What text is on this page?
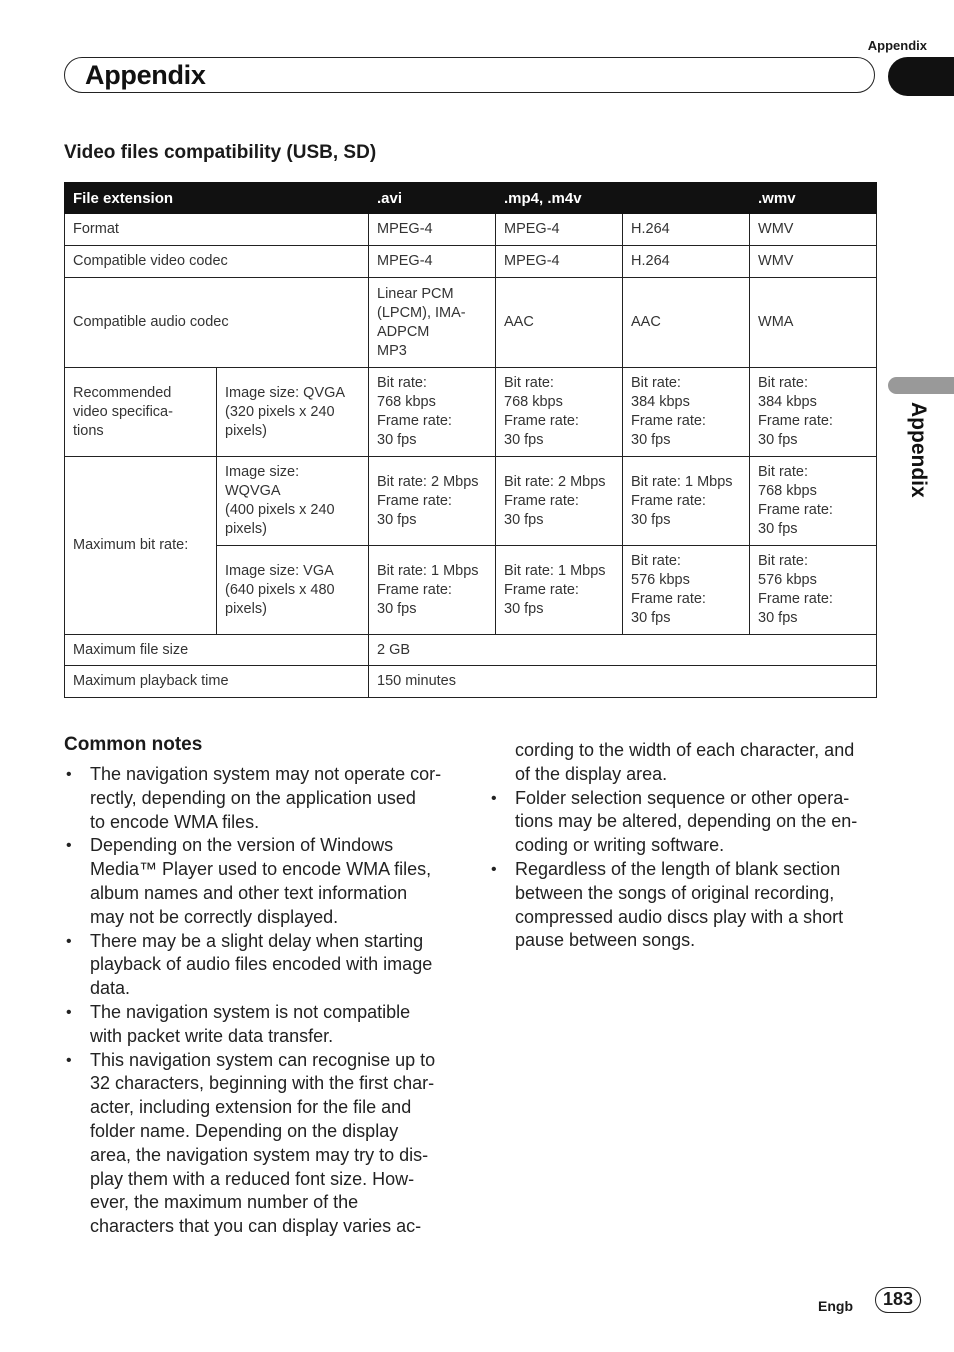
Appendix
Appendix
Appendix
Video files compatibility (USB, SD)
File extension		.avi	.mp4, .m4v		.wmv
Format		MPEG-4	MPEG-4	H.264	WMV
Compatible video codec		MPEG-4	MPEG-4	H.264	WMV
Compatible audio codec		Linear PCM
(LPCM), IMA-
ADPCM
MP3	AAC	AAC	WMA

Recommended
video specifica-
tions	Image size: QVGA
(320 pixels x 240
pixels)	Bit rate:
768 kbps
Frame rate:
30 fps	Bit rate:
768 kbps
Frame rate:
30 fps	Bit rate:
384 kbps
Frame rate:
30 fps	Bit rate:
384 kbps
Frame rate:
30 fps

Maximum bit rate:	Image size:
WQVGA
(400 pixels x 240
pixels)	Bit rate: 2 Mbps
Frame rate:
30 fps	Bit rate: 2 Mbps
Frame rate:
30 fps	Bit rate: 1 Mbps
Frame rate:
30 fps	Bit rate:
768 kbps
Frame rate:
30 fps

	Image size: VGA
(640 pixels x 480
pixels)	Bit rate: 1 Mbps
Frame rate:
30 fps	Bit rate: 1 Mbps
Frame rate:
30 fps	Bit rate:
576 kbps
Frame rate:
30 fps	Bit rate:
576 kbps
Frame rate:
30 fps

Maximum file size		2 GB			
Maximum playback time		150 minutes			
Common notes
• The navigation system may not operate cor-
rectly, depending on the application used
to encode WMA files.
• Depending on the version of Windows
Media™ Player used to encode WMA files,
album names and other text information
may not be correctly displayed.
• There may be a slight delay when starting
playback of audio files encoded with image
data.
• The navigation system is not compatible
with packet write data transfer.
• This navigation system can recognise up to
32 characters, beginning with the first char-
acter, including extension for the file and
folder name. Depending on the display
area, the navigation system may try to dis-
play them with a reduced font size. How-
ever, the maximum number of the
characters that you can display varies ac-
cording to the width of each character, and
of the display area.
• Folder selection sequence or other opera-
tions may be altered, depending on the en-
coding or writing software.
• Regardless of the length of blank section
between the songs of original recording,
compressed audio discs play with a short
pause between songs.
Engb	183
